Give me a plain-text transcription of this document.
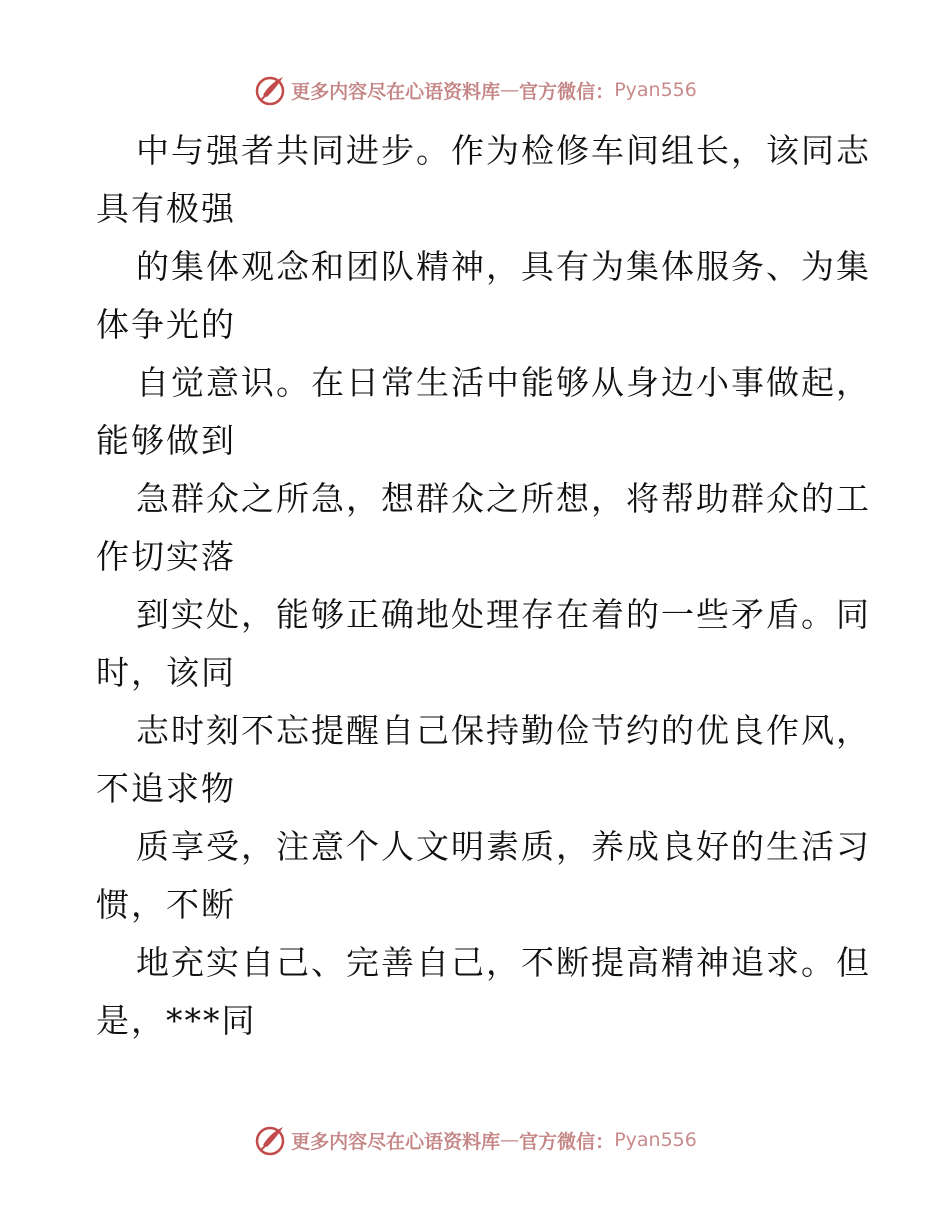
更多内容尽在心语资料库 — 官方微信： Pyan556

中与强者共同进步。作为检修车间组长，该同志
具有极强

的集体观念和团队精神，具有为集体服务、为集
体争光的

自觉意识。在日常生活中能够从身边小事做起，
能够做到

急群众之所急，想群众之所想，将帮助群众的工
作切实落

到实处，能够正确地处理存在着的一些矛盾。同
时，该同

志时刻不忘提醒自己保持勤俭节约的优良作风，
不追求物

质享受，注意个人文明素质，养成良好的生活习
惯，不断

地充实自己、完善自己，不断提高精神追求。但
是，***同

更多内容尽在心语资料库 — 官方微信： Pyan556
